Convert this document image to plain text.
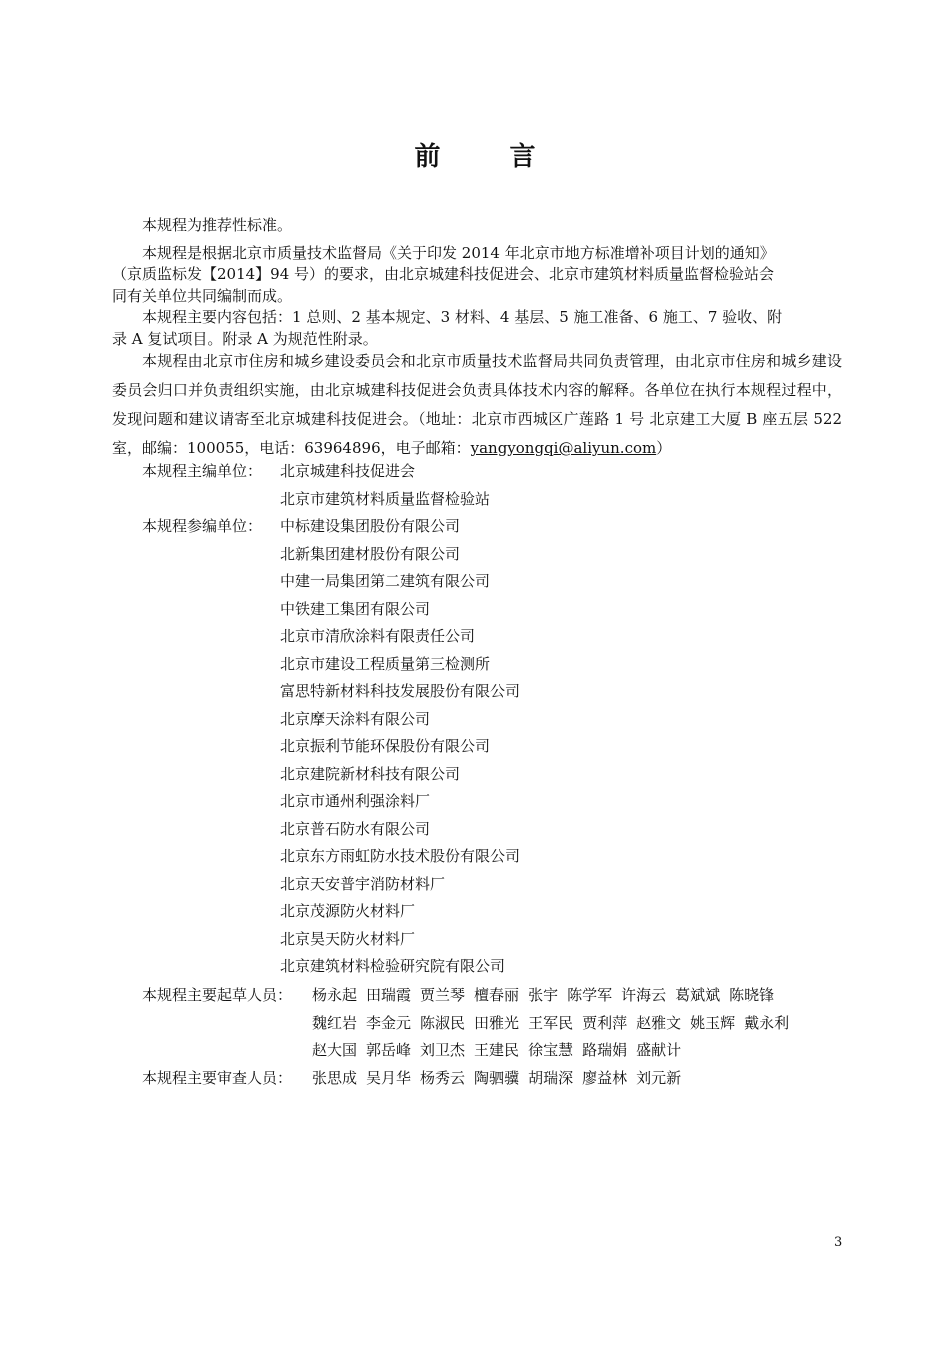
前 言
本规程为推荐性标准。
本规程是根据北京市质量技术监督局《关于印发 2014 年北京市地方标准增补项目计划的通知》
（京质监标发【2014】94 号）的要求，由北京城建科技促进会、北京市建筑材料质量监督检验站会
同有关单位共同编制而成。
本规程主要内容包括：1 总则、2 基本规定、3 材料、4 基层、5 施工准备、6 施工、7 验收、附
录 A 复试项目。附录 A 为规范性附录。
本规程由北京市住房和城乡建设委员会和北京市质量技术监督局共同负责管理，由北京市住房和城乡建设委员会归口并负责组织实施，由北京城建科技促进会负责具体技术内容的解释。各单位在执行本规程过程中，发现问题和建议请寄至北京城建科技促进会。（地址：北京市西城区广莲路 1 号 北京建工大厦 B 座五层 522 室，邮编：100055，电话：63964896，电子邮箱：yangyongqi@aliyun.com）
本规程主编单位： 北京城建科技促进会
北京市建筑材料质量监督检验站
本规程参编单位： 中标建设集团股份有限公司
北新集团建材股份有限公司
中建一局集团第二建筑有限公司
中铁建工集团有限公司
北京市清欣涂料有限责任公司
北京市建设工程质量第三检测所
富思特新材料科技发展股份有限公司
北京摩天涂料有限公司
北京振利节能环保股份有限公司
北京建院新材科技有限公司
北京市通州利强涂料厂
北京普石防水有限公司
北京东方雨虹防水技术股份有限公司
北京天安普宇消防材料厂
北京茂源防火材料厂
北京昊天防火材料厂
北京建筑材料检验研究院有限公司
本规程主要起草人员： 杨永起 田瑞霞 贾兰琴 檀春丽 张宇 陈学军 许海云 葛斌斌 陈晓锋
魏红岩 李金元 陈淑民 田雅光 王军民 贾利萍 赵雅文 姚玉辉 戴永利
赵大国 郭岳峰 刘卫杰 王建民 徐宝慧 路瑞娟 盛献计
本规程主要审查人员： 张思成 吴月华 杨秀云 陶驷骥 胡瑞深 廖益林 刘元新
3
